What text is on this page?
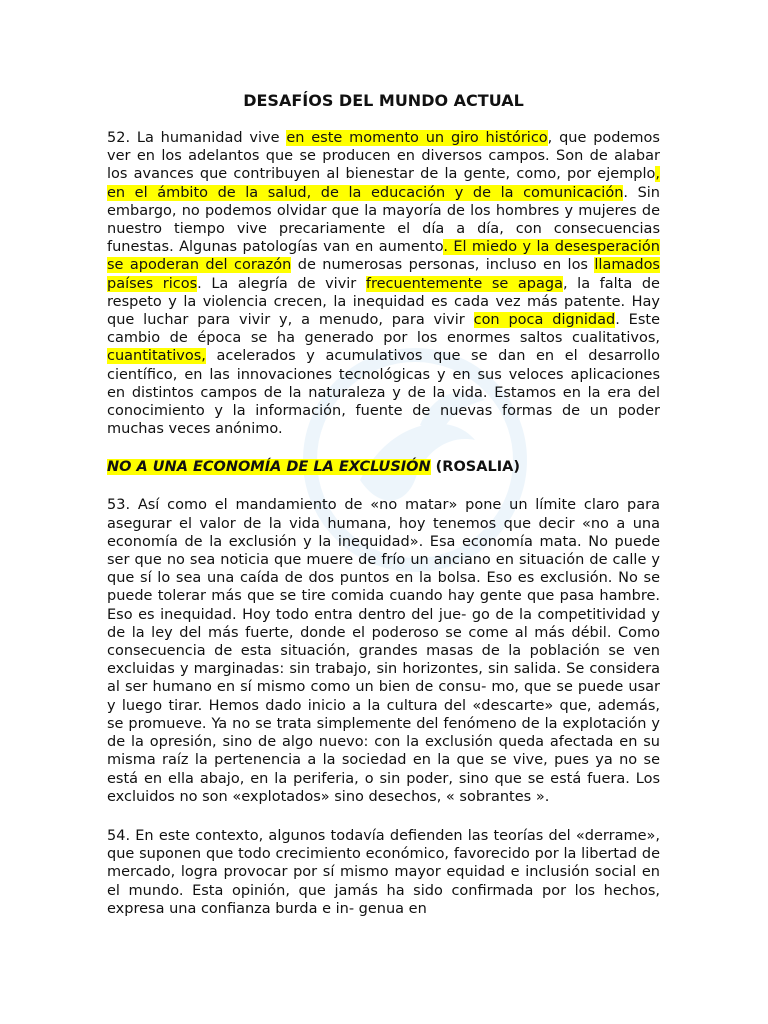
DESAFÍOS DEL MUNDO ACTUAL

52. La humanidad vive en este momento un giro histórico, que podemos ver en los adelantos que se producen en diversos campos. Son de alabar los avances que contribuyen al bienestar de la gente, como, por ejemplo, en el ámbito de la salud, de la educación y de la comunicación. Sin embargo, no podemos olvidar que la mayoría de los hombres y mujeres de nuestro tiempo vive precariamente el día a día, con consecuencias funestas. Algunas patologías van en aumento. El miedo y la desesperación se apoderan del corazón de numerosas personas, incluso en los llamados países ricos. La alegría de vivir frecuentemente se apaga, la falta de respeto y la violencia crecen, la inequidad es cada vez más patente. Hay que luchar para vivir y, a menudo, para vivir con poca dignidad. Este cambio de época se ha generado por los enormes saltos cualitativos, cuantitativos, acelerados y acumulativos que se dan en el desarrollo científico, en las innovaciones tecnológicas y en sus veloces aplicaciones en distintos campos de la naturaleza y de la vida. Estamos en la era del conocimiento y la información, fuente de nuevas formas de un poder muchas veces anónimo.

NO A UNA ECONOMÍA DE LA EXCLUSIÓN (ROSALIA)

53. Así como el mandamiento de «no matar» pone un límite claro para asegurar el valor de la vida humana, hoy tenemos que decir «no a una economía de la exclusión y la inequidad». Esa economía mata. No puede ser que no sea noticia que muere de frío un anciano en situación de calle y que sí lo sea una caída de dos puntos en la bolsa. Eso es exclusión. No se puede tolerar más que se tire comida cuando hay gente que pasa hambre. Eso es inequidad. Hoy todo entra dentro del jue- go de la competitividad y de la ley del más fuerte, donde el poderoso se come al más débil. Como consecuencia de esta situación, grandes masas de la población se ven excluidas y marginadas: sin trabajo, sin horizontes, sin salida. Se considera al ser humano en sí mismo como un bien de consu- mo, que se puede usar y luego tirar. Hemos dado inicio a la cultura del «descarte» que, además, se promueve. Ya no se trata simplemente del fenómeno de la explotación y de la opresión, sino de algo nuevo: con la exclusión queda afectada en su misma raíz la pertenencia a la sociedad en la que se vive, pues ya no se está en ella abajo, en la periferia, o sin poder, sino que se está fuera. Los excluidos no son «explotados» sino desechos, « sobrantes ».

54. En este contexto, algunos todavía defienden las teorías del «derrame», que suponen que todo crecimiento económico, favorecido por la libertad de mercado, logra provocar por sí mismo mayor equidad e inclusión social en el mundo. Esta opinión, que jamás ha sido confirmada por los hechos, expresa una confianza burda e in- genua en
